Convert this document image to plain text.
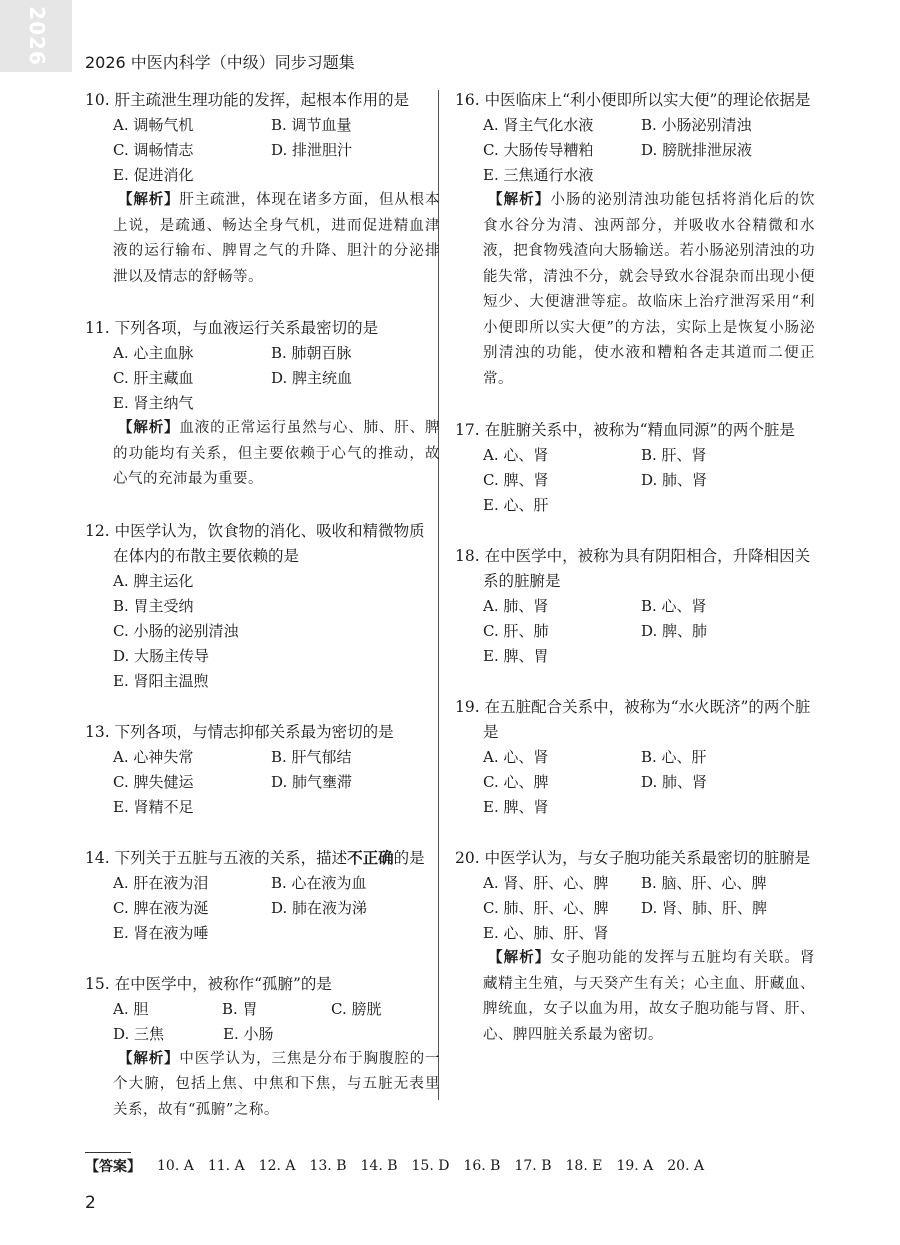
2026 2026 中医内科学（中级）同步习题集
10. 肝主疏泄生理功能的发挥，起根本作用的是
A. 调畅气机	B. 调节血量
C. 调畅情志	D. 排泄胆汁
E. 促进消化
【解析】肝主疏泄，体现在诸多方面，但从根本上说，是疏通、畅达全身气机，进而促进精血津液的运行输布、脾胃之气的升降、胆汁的分泌排泄以及情志的舒畅等。
11. 下列各项，与血液运行关系最密切的是
A. 心主血脉	B. 肺朝百脉
C. 肝主藏血	D. 脾主统血
E. 肾主纳气
【解析】血液的正常运行虽然与心、肺、肝、脾的功能均有关系，但主要依赖于心气的推动，故心气的充沛最为重要。
12. 中医学认为，饮食物的消化、吸收和精微物质在体内的布散主要依赖的是
A. 脾主运化
B. 胃主受纳
C. 小肠的泌别清浊
D. 大肠主传导
E. 肾阳主温煦
13. 下列各项，与情志抑郁关系最为密切的是
A. 心神失常	B. 肝气郁结
C. 脾失健运	D. 肺气壅滞
E. 肾精不足
14. 下列关于五脏与五液的关系，描述不正确的是
A. 肝在液为泪	B. 心在液为血
C. 脾在液为涎	D. 肺在液为涕
E. 肾在液为唾
15. 在中医学中，被称作“孤腑”的是
A. 胆	B. 胃	C. 膀胱
D. 三焦	E. 小肠
【解析】中医学认为，三焦是分布于胸腹腔的一个大腑，包括上焦、中焦和下焦，与五脏无表里关系，故有“孤腑”之称。
16. 中医临床上“利小便即所以实大便”的理论依据是
A. 肾主气化水液	B. 小肠泌别清浊
C. 大肠传导糟粕	D. 膀胱排泄尿液
E. 三焦通行水液
【解析】小肠的泌别清浊功能包括将消化后的饮食水谷分为清、浊两部分，并吸收水谷精微和水液，把食物残渣向大肠输送。若小肠泌别清浊的功能失常，清浊不分，就会导致水谷混杂而出现小便短少、大便溏泄等症。故临床上治疗泄泻采用“利小便即所以实大便”的方法，实际上是恢复小肠泌别清浊的功能，使水液和糟粕各走其道而二便正常。
17. 在脏腑关系中，被称为“精血同源”的两个脏是
A. 心、肾	B. 肝、肾
C. 脾、肾	D. 肺、肾
E. 心、肝
18. 在中医学中，被称为具有阴阳相合，升降相因关系的脏腑是
A. 肺、肾	B. 心、肾
C. 肝、肺	D. 脾、肺
E. 脾、胃
19. 在五脏配合关系中，被称为“水火既济”的两个脏是
A. 心、肾	B. 心、肝
C. 心、脾	D. 肺、肾
E. 脾、肾
20. 中医学认为，与女子胞功能关系最密切的脏腑是
A. 肾、肝、心、脾	B. 脑、肝、心、脾
C. 肺、肝、心、脾	D. 肾、肺、肝、脾
E. 心、肺、肝、肾
【解析】女子胞功能的发挥与五脏均有关联。肾藏精主生殖，与天癸产生有关；心主血、肝藏血、脾统血，女子以血为用，故女子胞功能与肾、肝、心、脾四脏关系最为密切。
【答案】 10. A 11. A 12. A 13. B 14. B 15. D 16. B 17. B 18. E 19. A 20. A
2
